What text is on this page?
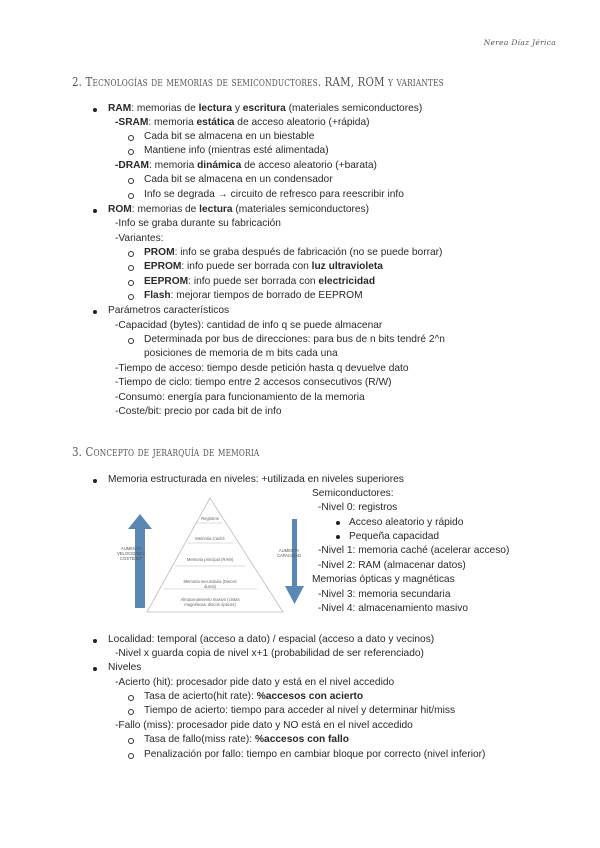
Nerea Díaz Jérica
2. Tecnologías de memorias de semiconductores. RAM, ROM y variantes
RAM: memorias de lectura y escritura (materiales semiconductores)
-SRAM: memoria estática de acceso aleatorio (+rápida)
Cada bit se almacena en un biestable
Mantiene info (mientras esté alimentada)
-DRAM: memoria dinámica de acceso aleatorio (+barata)
Cada bit se almacena en un condensador
Info se degrada → circuito de refresco para reescribir info
ROM: memorias de lectura (materiales semiconductores)
-Info se graba durante su fabricación
-Variantes:
PROM: info se graba después de fabricación (no se puede borrar)
EPROM: info puede ser borrada con luz ultravioleta
EEPROM: info puede ser borrada con electricidad
Flash: mejorar tiempos de borrado de EEPROM
Parámetros característicos
-Capacidad (bytes): cantidad de info q se puede almacenar
Determinada por bus de direcciones: para bus de n bits tendré 2^n
posiciones de memoria de m bits cada una
-Tiempo de acceso: tiempo desde petición hasta q devuelve dato
-Tiempo de ciclo: tiempo entre 2 accesos consecutivos (R/W)
-Consumo: energía para funcionamiento de la memoria
-Coste/bit: precio por cada bit de info
3. Concepto de jerarquía de memoria
Memoria estructurada en niveles: +utilizada en niveles superiores
Semiconductores:
-Nivel 0: registros
Acceso aleatorio y rápido
Pequeña capacidad
-Nivel 1: memoria caché (acelerar acceso)
-Nivel 2: RAM (almacenar datos)
Memorias ópticas y magnéticas
-Nivel 3: memoria secundaria
-Nivel 4: almacenamiento masivo
Registros
Memoria Caché
Memoria principal (RAM)
Memoria secundaria (Discos duros)
Almacenamiento masivo (cintas magnéticas, discos ópticos)
AUMENTA VELOCIDAD Y COSTE/BIT
AUMENTA CAPACIDAD
Localidad: temporal (acceso a dato) / espacial (acceso a dato y vecinos)
-Nivel x guarda copia de nivel x+1 (probabilidad de ser referenciado)
Niveles
-Acierto (hit): procesador pide dato y está en el nivel accedido
Tasa de acierto(hit rate): %accesos con acierto
Tiempo de acierto: tiempo para acceder al nivel y determinar hit/miss
-Fallo (miss): procesador pide dato y NO está en el nivel accedido
Tasa de fallo(miss rate): %accesos con fallo
Penalización por fallo: tiempo en cambiar bloque por correcto (nivel inferior)
